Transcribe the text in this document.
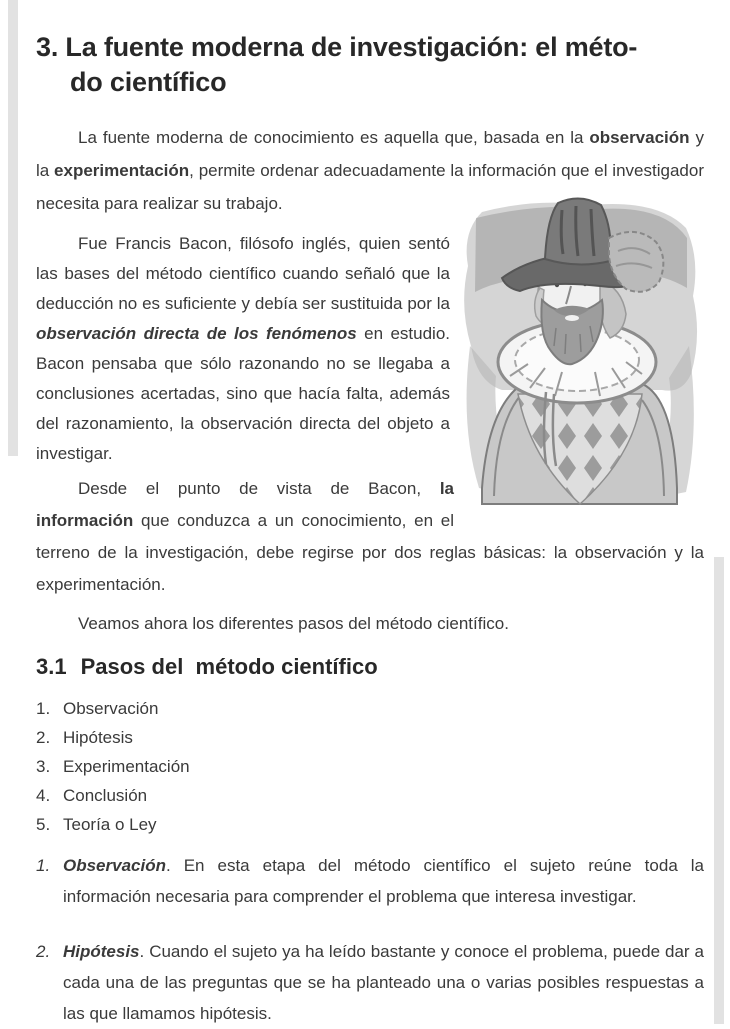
3. La fuente moderna de investigación: el méto-
do científico

La fuente moderna de conocimiento es aquella que, basada en la observación y la experimentación, permite ordenar adecuadamente la información que el investigador necesita para realizar su trabajo.

Fue Francis Bacon, filósofo inglés, quien sentó las bases del método científico cuando señaló que la deducción no es suficiente y debía ser sustituida por la observación directa de los fenómenos en estudio. Bacon pensaba que sólo razonando no se llegaba a conclusiones acertadas, sino que hacía falta, además del razonamiento, la observación directa del objeto a investigar.

Desde el punto de vista de Bacon, la información que conduzca a un conocimiento, en el terreno de la investigación, debe regirse por dos reglas básicas: la observación y la experimentación.

Veamos ahora los diferentes pasos del método científico.

3.1 Pasos del  método científico
1. Observación
2. Hipótesis
3. Experimentación
4. Conclusión
5. Teoría o Ley
1. Observación. En esta etapa del método científico el sujeto reúne toda la información necesaria para comprender el problema que interesa investigar.
2. Hipótesis. Cuando el sujeto ya ha leído bastante y conoce el problema, puede dar a cada una de las preguntas que se ha planteado una o varias posibles respuestas a las que llamamos hipótesis.
